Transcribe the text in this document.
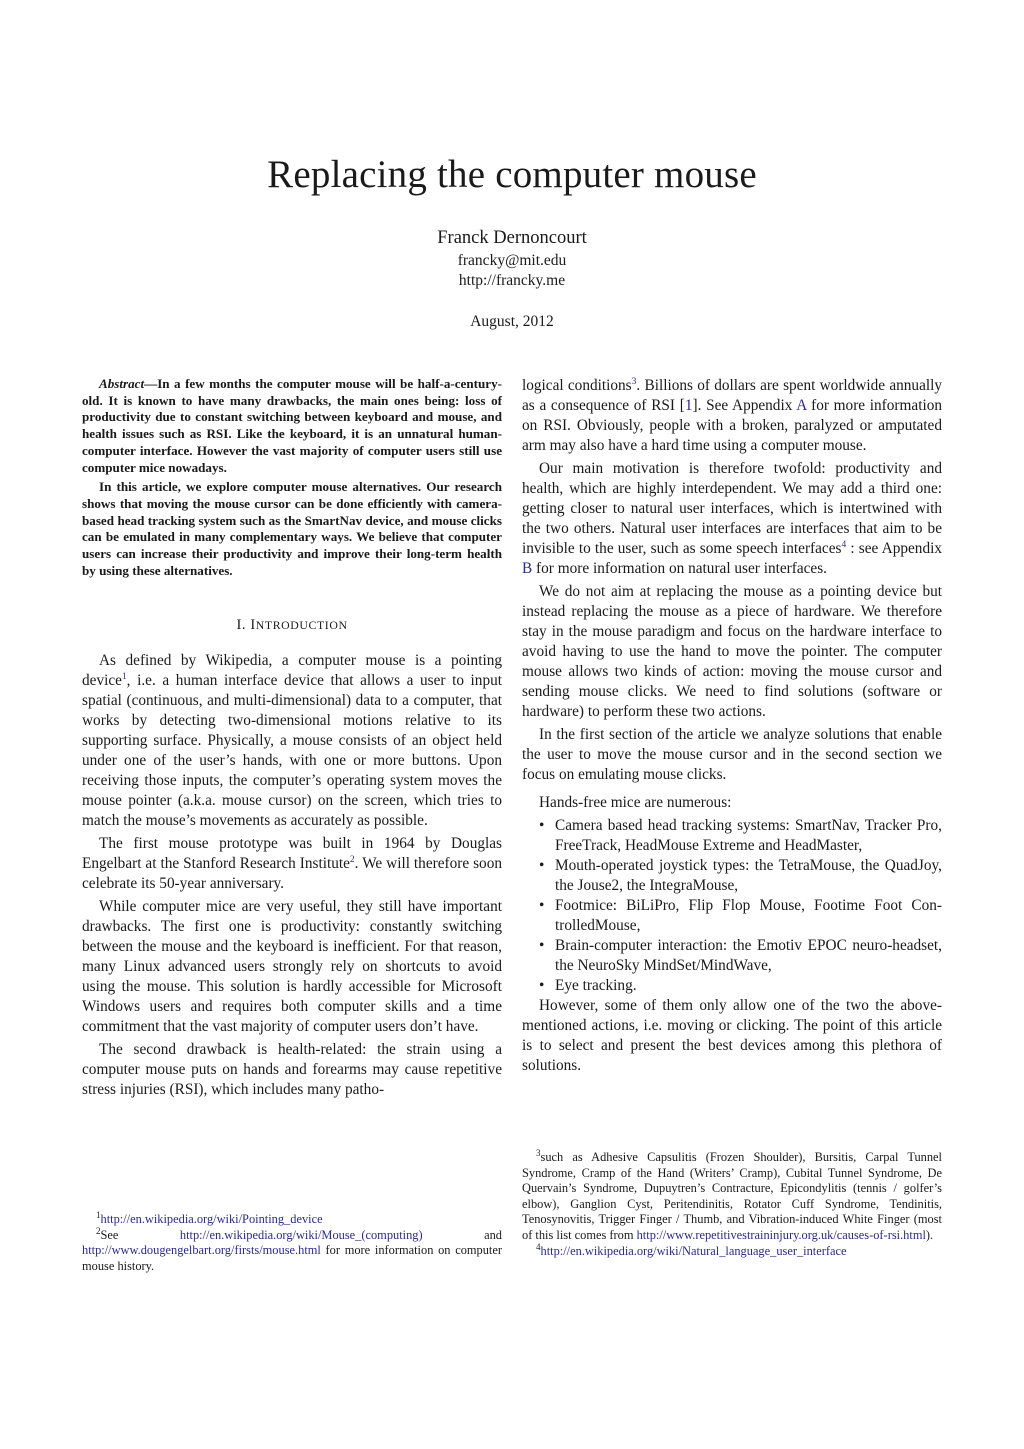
Replacing the computer mouse
Franck Dernoncourt
francky@mit.edu
http://francky.me
August, 2012

Abstract—In a few months the computer mouse will be half-a-century-old. It is known to have many drawbacks, the main ones being: loss of productivity due to constant switching between keyboard and mouse, and health issues such as RSI. Like the keyboard, it is an unnatural human-computer interface. However the vast majority of computer users still use computer mice nowadays.

In this article, we explore computer mouse alternatives. Our research shows that moving the mouse cursor can be done efficiently with camera-based head tracking system such as the SmartNav device, and mouse clicks can be emulated in many complementary ways. We believe that computer users can increase their productivity and improve their long-term health by using these alternatives.

I. INTRODUCTION

As defined by Wikipedia, a computer mouse is a pointing device$^1$, i.e. a human interface device that allows a user to input spatial (continuous, and multi-dimensional) data to a computer, that works by detecting two-dimensional motions relative to its supporting surface. Physically, a mouse consists of an object held under one of the user’s hands, with one or more buttons. Upon receiving those inputs, the computer’s operating system moves the mouse pointer (a.k.a. mouse cursor) on the screen, which tries to match the mouse’s movements as accurately as possible.

The first mouse prototype was built in 1964 by Douglas Engelbart at the Stanford Research Institute$^2$. We will therefore soon celebrate its 50-year anniversary.

While computer mice are very useful, they still have important drawbacks. The first one is productivity: constantly switching between the mouse and the keyboard is inefficient. For that reason, many Linux advanced users strongly rely on shortcuts to avoid using the mouse. This solution is hardly accessible for Microsoft Windows users and requires both computer skills and a time commitment that the vast majority of computer users don’t have.

The second drawback is health-related: the strain using a computer mouse puts on hands and forearms may cause repetitive stress injuries (RSI), which includes many patho-

logical conditions$^3$. Billions of dollars are spent worldwide annually as a consequence of RSI [1]. See Appendix A for more information on RSI. Obviously, people with a broken, paralyzed or amputated arm may also have a hard time using a computer mouse.

Our main motivation is therefore twofold: productivity and health, which are highly interdependent. We may add a third one: getting closer to natural user interfaces, which is intertwined with the two others. Natural user interfaces are interfaces that aim to be invisible to the user, such as some speech interfaces$^4$ : see Appendix B for more information on natural user interfaces.

We do not aim at replacing the mouse as a pointing device but instead replacing the mouse as a piece of hardware. We therefore stay in the mouse paradigm and focus on the hardware interface to avoid having to use the hand to move the pointer. The computer mouse allows two kinds of action: moving the mouse cursor and sending mouse clicks. We need to find solutions (software or hardware) to perform these two actions.

In the first section of the article we analyze solutions that enable the user to move the mouse cursor and in the second section we focus on emulating mouse clicks.

Hands-free mice are numerous:

• Camera based head tracking systems: SmartNav, Tracker Pro, FreeTrack, HeadMouse Extreme and HeadMaster,
• Mouth-operated joystick types: the TetraMouse, the QuadJoy, the Jouse2, the IntegraMouse,
• Footmice: BiLiPro, Flip Flop Mouse, Footime Foot Con-trolledMouse,
• Brain-computer interaction: the Emotiv EPOC neuro-headset, the NeuroSky MindSet/MindWave,
• Eye tracking.

However, some of them only allow one of the two the above-mentioned actions, i.e. moving or clicking. The point of this article is to select and present the best devices among this plethora of solutions.

$^1$http://en.wikipedia.org/wiki/Pointing_device

$^2$See http://en.wikipedia.org/wiki/Mouse_(computing) and http://www.dougengelbart.org/firsts/mouse.html for more information on computer mouse history.

$^3$such as Adhesive Capsulitis (Frozen Shoulder), Bursitis, Carpal Tunnel Syndrome, Cramp of the Hand (Writers’ Cramp), Cubital Tunnel Syndrome, De Quervain’s Syndrome, Dupuytren’s Contracture, Epicondylitis (tennis / golfer’s elbow), Ganglion Cyst, Peritendinitis, Rotator Cuff Syndrome, Tendinitis, Tenosynovitis, Trigger Finger / Thumb, and Vibration-induced White Finger (most of this list comes from http://www.repetitivestraininjury.org.uk/causes-of-rsi.html).

$^4$http://en.wikipedia.org/wiki/Natural_language_user_interface
